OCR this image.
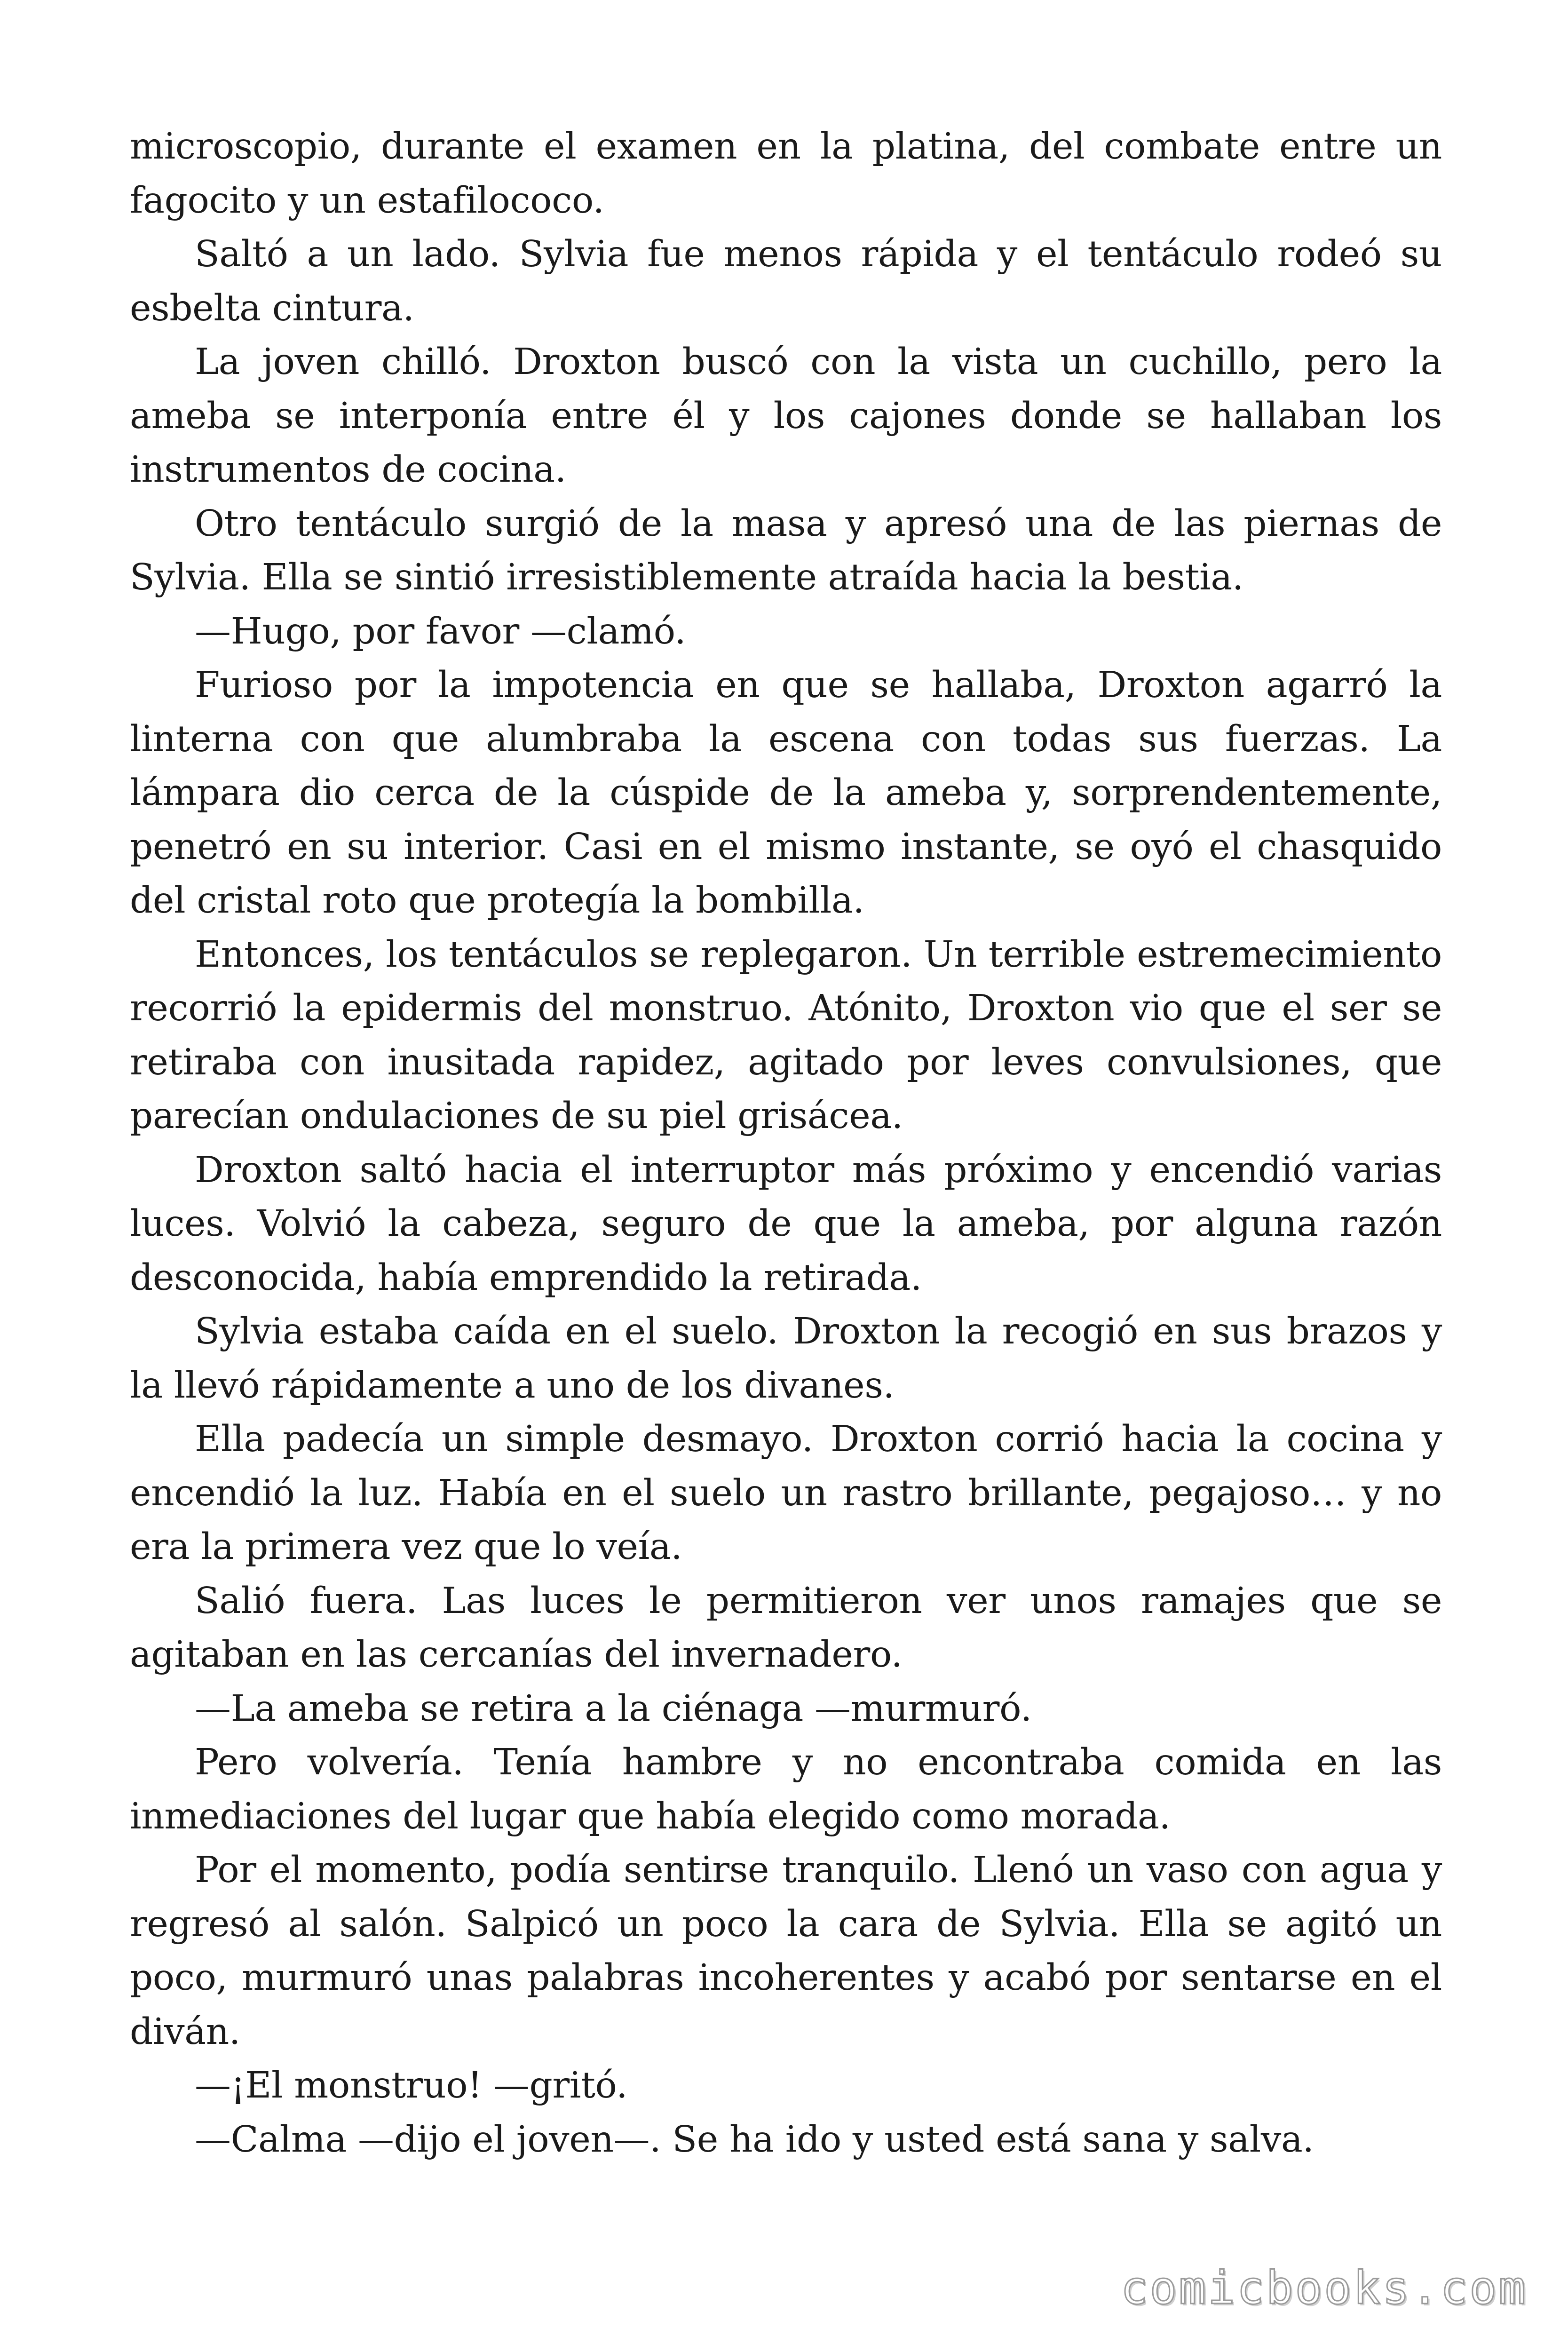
microscopio, durante el examen en la platina, del combate entre un fagocito y un estafilococo.

Saltó a un lado. Sylvia fue menos rápida y el tentáculo rodeó su esbelta cintura.

La joven chilló. Droxton buscó con la vista un cuchillo, pero la ameba se interponía entre él y los cajones donde se hallaban los instrumentos de cocina.

Otro tentáculo surgió de la masa y apresó una de las piernas de Sylvia. Ella se sintió irresistiblemente atraída hacia la bestia.

—Hugo, por favor —clamó.

Furioso por la impotencia en que se hallaba, Droxton agarró la linterna con que alumbraba la escena con todas sus fuerzas. La lámpara dio cerca de la cúspide de la ameba y, sorprendentemente, penetró en su interior. Casi en el mismo instante, se oyó el chasquido del cristal roto que protegía la bombilla.

Entonces, los tentáculos se replegaron. Un terrible estremecimiento recorrió la epidermis del monstruo. Atónito, Droxton vio que el ser se retiraba con inusitada rapidez, agitado por leves convulsiones, que parecían ondulaciones de su piel grisácea.

Droxton saltó hacia el interruptor más próximo y encendió varias luces. Volvió la cabeza, seguro de que la ameba, por alguna razón desconocida, había emprendido la retirada.

Sylvia estaba caída en el suelo. Droxton la recogió en sus brazos y la llevó rápidamente a uno de los divanes.

Ella padecía un simple desmayo. Droxton corrió hacia la cocina y encendió la luz. Había en el suelo un rastro brillante, pegajoso… y no era la primera vez que lo veía.

Salió fuera. Las luces le permitieron ver unos ramajes que se agitaban en las cercanías del invernadero.

—La ameba se retira a la ciénaga —murmuró.

Pero volvería. Tenía hambre y no encontraba comida en las inmediaciones del lugar que había elegido como morada.

Por el momento, podía sentirse tranquilo. Llenó un vaso con agua y regresó al salón. Salpicó un poco la cara de Sylvia. Ella se agitó un poco, murmuró unas palabras incoherentes y acabó por sentarse en el diván.

—¡El monstruo! —gritó.

—Calma —dijo el joven—. Se ha ido y usted está sana y salva.

comicbooks.com
